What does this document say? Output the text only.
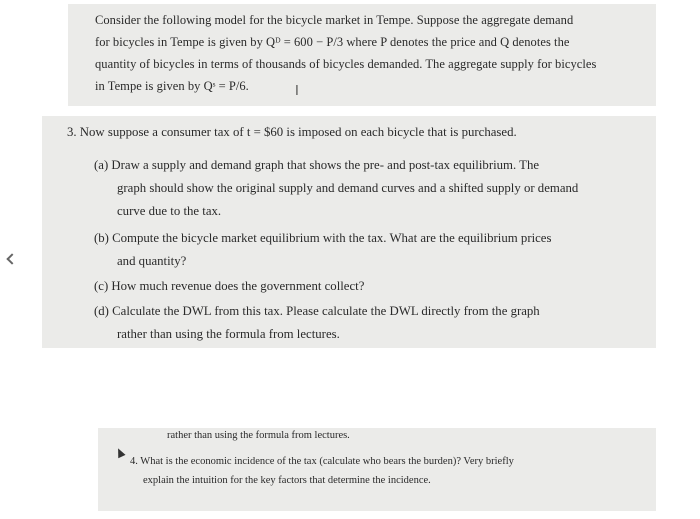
Consider the following model for the bicycle market in Tempe. Suppose the aggregate demand
for bicycles in Tempe is given by Qᴰ = 600 − P/3 where P denotes the price and Q denotes the
quantity of bicycles in terms of thousands of bicycles demanded. The aggregate supply for bicycles
in Tempe is given by Qˢ = P/6.	I
3. Now suppose a consumer tax of t = $60 is imposed on each bicycle that is purchased.
(a) Draw a supply and demand graph that shows the pre- and post-tax equilibrium. The
graph should show the original supply and demand curves and a shifted supply or demand
curve due to the tax.
(b) Compute the bicycle market equilibrium with the tax. What are the equilibrium prices
and quantity?
(c) How much revenue does the government collect?
(d) Calculate the DWL from this tax. Please calculate the DWL directly from the graph
rather than using the formula from lectures.
rather than using the formula from lectures.
4. What is the economic incidence of the tax (calculate who bears the burden)? Very briefly
explain the intuition for the key factors that determine the incidence.
